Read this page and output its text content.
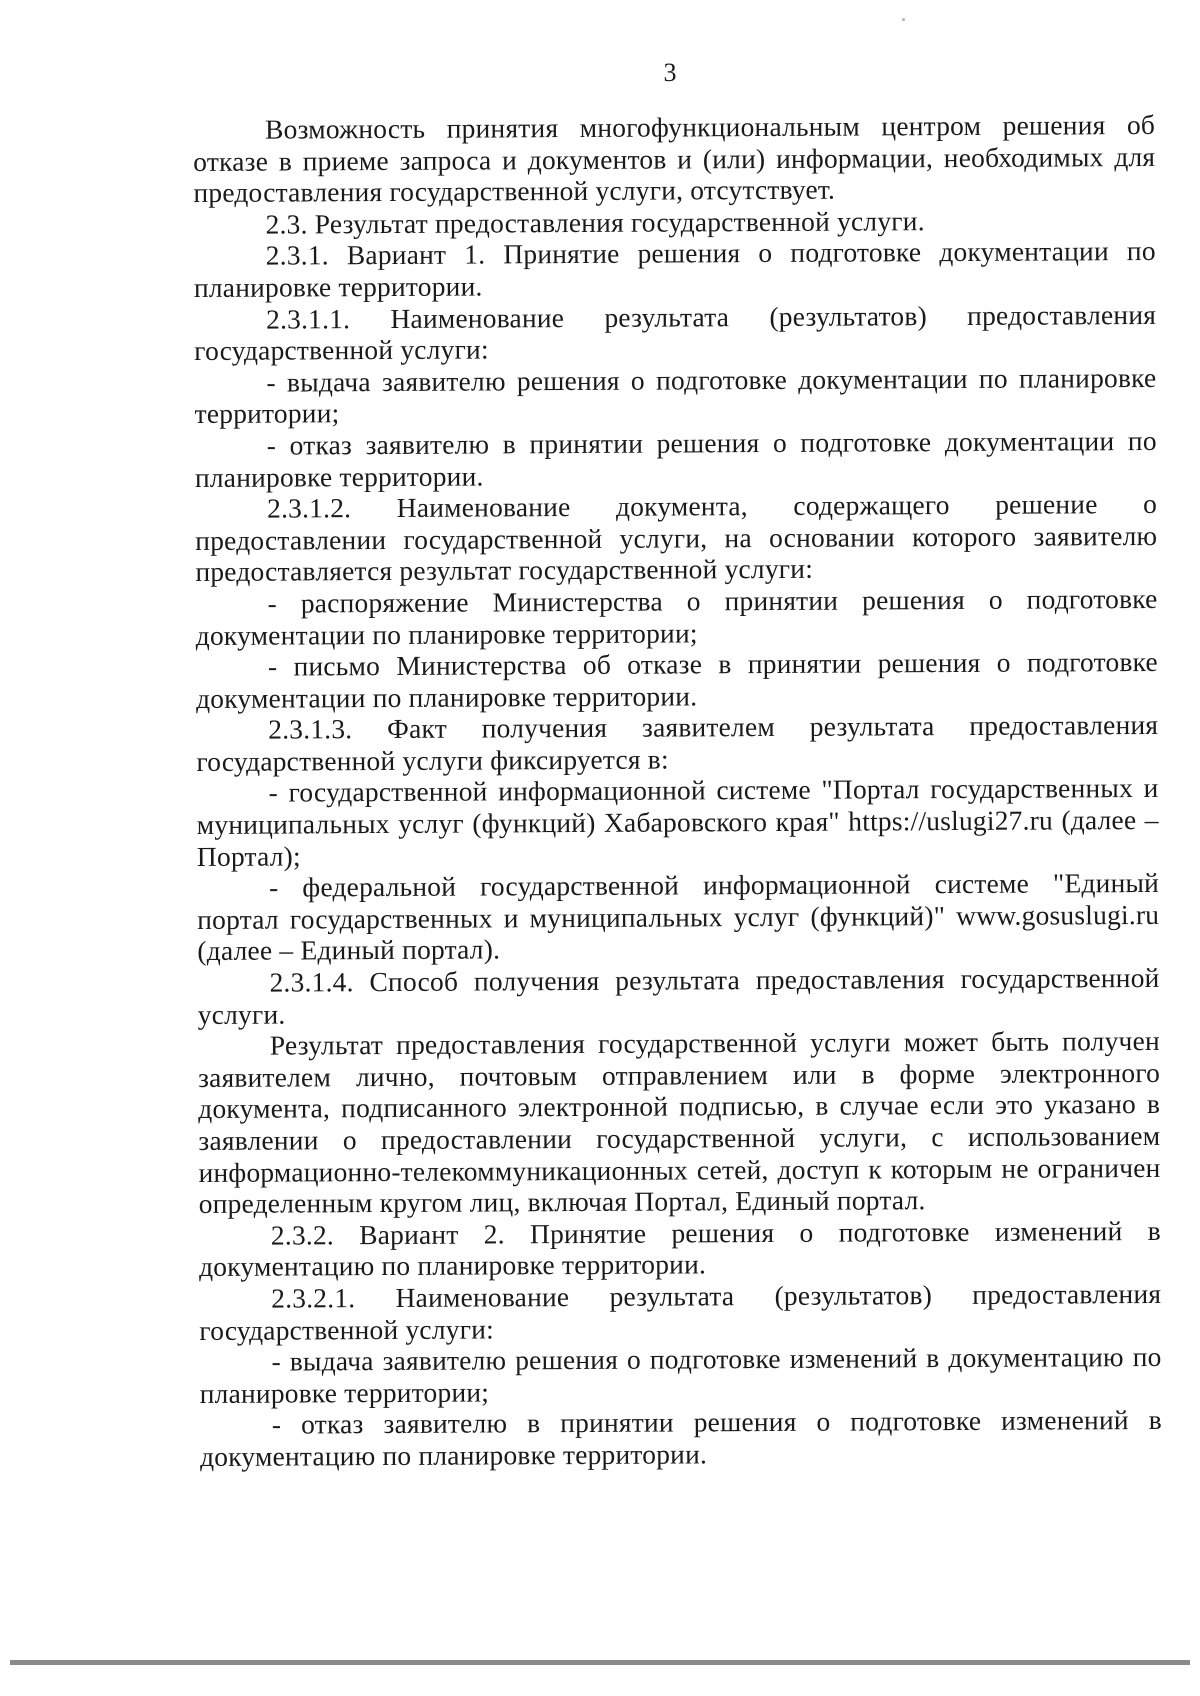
3

Возможность принятия многофункциональным центром решения об отказе в приеме запроса и документов и (или) информации, необходимых для предоставления государственной услуги, отсутствует.

2.3. Результат предоставления государственной услуги.

2.3.1. Вариант 1. Принятие решения о подготовке документации по планировке территории.

2.3.1.1. Наименование результата (результатов) предоставления государственной услуги:

- выдача заявителю решения о подготовке документации по планировке территории;

- отказ заявителю в принятии решения о подготовке документации по планировке территории.

2.3.1.2. Наименование документа, содержащего решение о предоставлении государственной услуги, на основании которого заявителю предоставляется результат государственной услуги:

- распоряжение Министерства о принятии решения о подготовке документации по планировке территории;

- письмо Министерства об отказе в принятии решения о подготовке документации по планировке территории.

2.3.1.3. Факт получения заявителем результата предоставления государственной услуги фиксируется в:

- государственной информационной системе "Портал государственных и муниципальных услуг (функций) Хабаровского края" https://uslugi27.ru (далее – Портал);

- федеральной государственной информационной системе "Единый портал государственных и муниципальных услуг (функций)" www.gosuslugi.ru (далее – Единый портал).

2.3.1.4. Способ получения результата предоставления государственной услуги.

Результат предоставления государственной услуги может быть получен заявителем лично, почтовым отправлением или в форме электронного документа, подписанного электронной подписью, в случае если это указано в заявлении о предоставлении государственной услуги, с использованием информационно-телекоммуникационных сетей, доступ к которым не ограничен определенным кругом лиц, включая Портал, Единый портал.

2.3.2. Вариант 2. Принятие решения о подготовке изменений в документацию по планировке территории.

2.3.2.1. Наименование результата (результатов) предоставления государственной услуги:

- выдача заявителю решения о подготовке изменений в документацию по планировке территории;

- отказ заявителю в принятии решения о подготовке изменений в документацию по планировке территории.
